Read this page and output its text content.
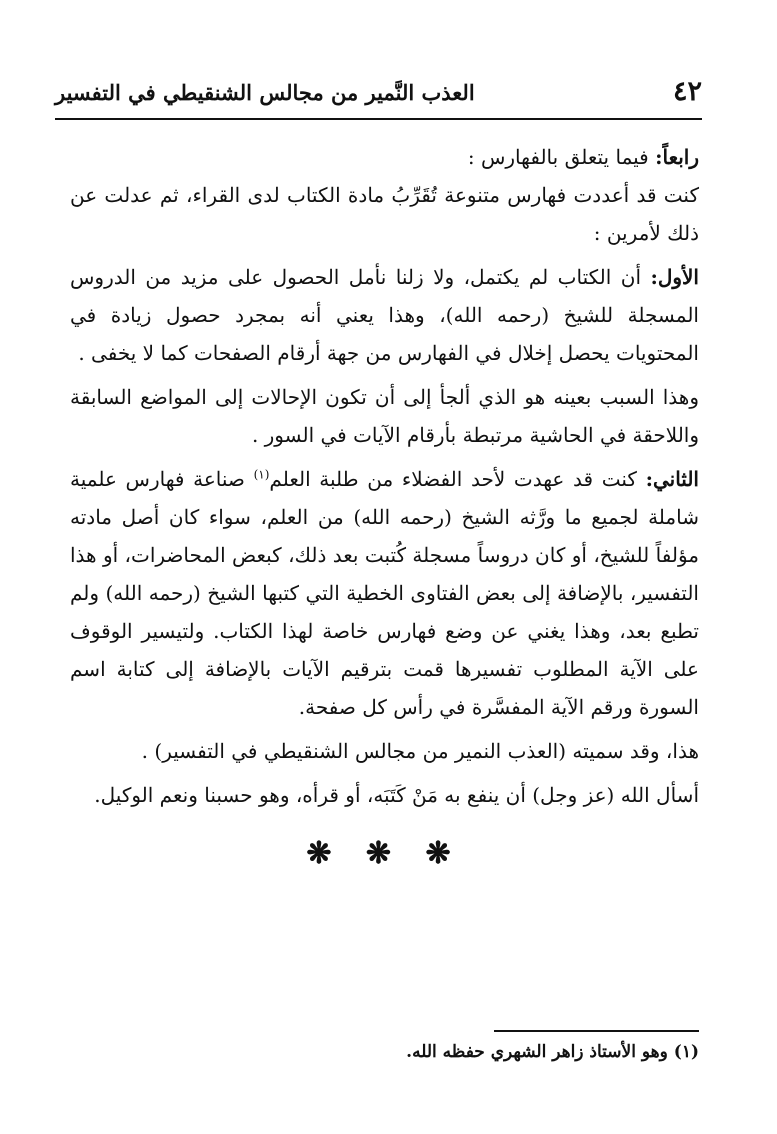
العذب النَّمير من مجالس الشنقيطي في التفسير	٤٢

رابعاً: فيما يتعلق بالفهارس :

كنت قد أعددت فهارس متنوعة تُقَرِّبُ مادة الكتاب لدى القراء، ثم عدلت عن ذلك لأمرين :

الأول: أن الكتاب لم يكتمل، ولا زلنا نأمل الحصول على مزيد من الدروس المسجلة للشيخ (رحمه الله)، وهذا يعني أنه بمجرد حصول زيادة في المحتويات يحصل إخلال في الفهارس من جهة أرقام الصفحات كما لا يخفى .

وهذا السبب بعينه هو الذي ألجأ إلى أن تكون الإحالات إلى المواضع السابقة واللاحقة في الحاشية مرتبطة بأرقام الآيات في السور .

الثاني: كنت قد عهدت لأحد الفضلاء من طلبة العلم$^{(١)}$ صناعة فهارس علمية شاملة لجميع ما ورَّثه الشيخ (رحمه الله) من العلم، سواء كان أصل مادته مؤلفاً للشيخ، أو كان دروساً مسجلة كُتبت بعد ذلك، كبعض المحاضرات، أو هذا التفسير، بالإضافة إلى بعض الفتاوى الخطية التي كتبها الشيخ (رحمه الله) ولم تطبع بعد، وهذا يغني عن وضع فهارس خاصة لهذا الكتاب. ولتيسير الوقوف على الآية المطلوب تفسيرها قمت بترقيم الآيات بالإضافة إلى كتابة اسم السورة ورقم الآية المفسَّرة في رأس كل صفحة.

هذا، وقد سميته (العذب النمير من مجالس الشنقيطي في التفسير) .

أسأل الله (عز وجل) أن ينفع به مَنْ كَتَبَه، أو قرأه، وهو حسبنا ونعم الوكيل.

❋ ❋ ❋
(١) وهو الأستاذ زاهر الشهري حفظه الله.
